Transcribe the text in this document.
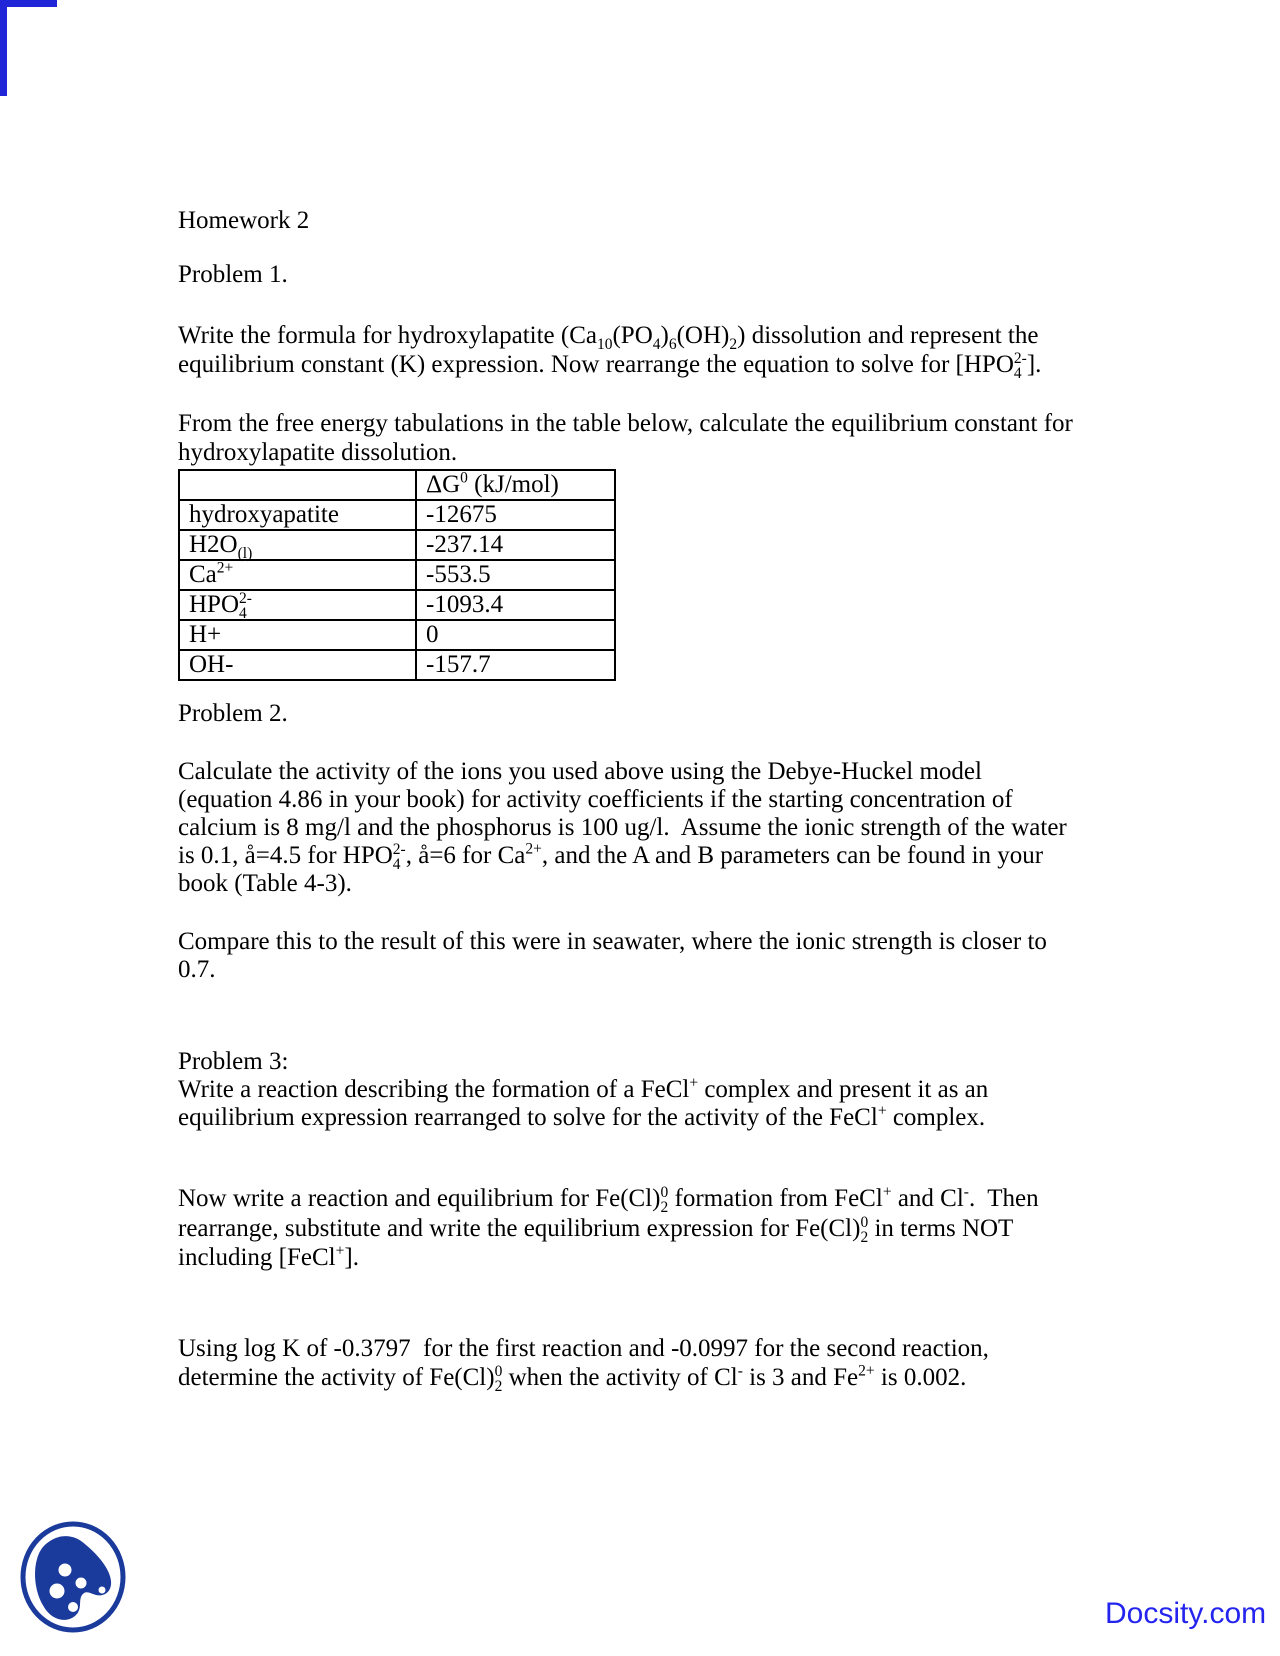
Homework 2
Problem 1.
Write the formula for hydroxylapatite $(Ca_{10}(PO_4)_6(OH)_2)$ dissolution and represent the
equilibrium constant (K) expression. Now rearrange the equation to solve for $[HPO_4^{2-}]$.
From the free energy tabulations in the table below, calculate the equilibrium constant for
hydroxylapatite dissolution.
	$\Delta G^0$ (kJ/mol)
hydroxyapatite	-12675
$H2O_{(l)}$	-237.14
$Ca^{2+}$	-553.5
$HPO_4^{2-}$	-1093.4
H+	0
OH-	-157.7
Problem 2.
Calculate the activity of the ions you used above using the Debye-Huckel model
(equation 4.86 in your book) for activity coefficients if the starting concentration of
calcium is 8 mg/l and the phosphorus is 100 ug/l.  Assume the ionic strength of the water
is 0.1, å=4.5 for $HPO_4^{2-}$, å=6 for $Ca^{2+}$, and the A and B parameters can be found in your
book (Table 4-3).
Compare this to the result of this were in seawater, where the ionic strength is closer to
0.7.
Problem 3:
Write a reaction describing the formation of a FeCl+ complex and present it as an
equilibrium expression rearranged to solve for the activity of the FeCl+ complex.
Now write a reaction and equilibrium for $Fe(Cl)_2^0$ formation from FeCl+ and Cl-.  Then
rearrange, substitute and write the equilibrium expression for $Fe(Cl)_2^0$ in terms NOT
including [FeCl+].
Using log K of -0.3797  for the first reaction and -0.0997 for the second reaction,
determine the activity of $Fe(Cl)_2^0$ when the activity of Cl- is 3 and $Fe^{2+}$ is 0.002.
Docsity.com
